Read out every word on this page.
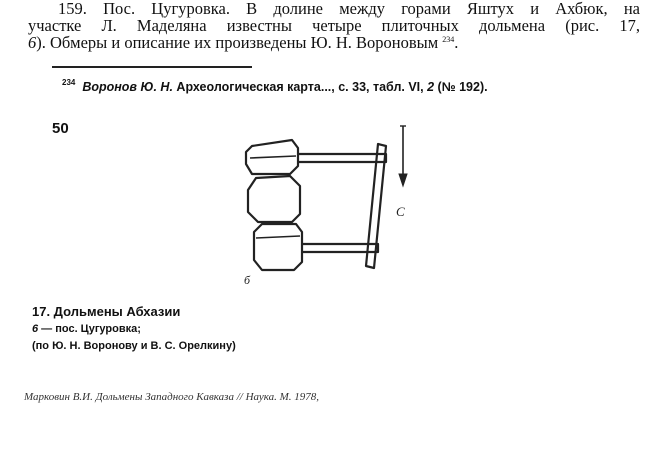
159. Пос. Цугуровка. В долине между горами Яштух и Ахбюк, на
участке Л. Маделяна известны четыре плиточных дольмена (рис. 17,
6). Обмеры и описание их произведены Ю. Н. Вороновым $^{234}$.
$^{234}$ Воронов Ю. Н. Археологическая карта..., с. 33, табл. VI, 2 (№ 192).
50
С
б
17. Дольмены Абхазии
6 — пос. Цугуровка;
(по Ю. Н. Воронову и В. С. Орелкину)
Марковин В.И. Дольмены Западного Кавказа // Наука. М. 1978,
